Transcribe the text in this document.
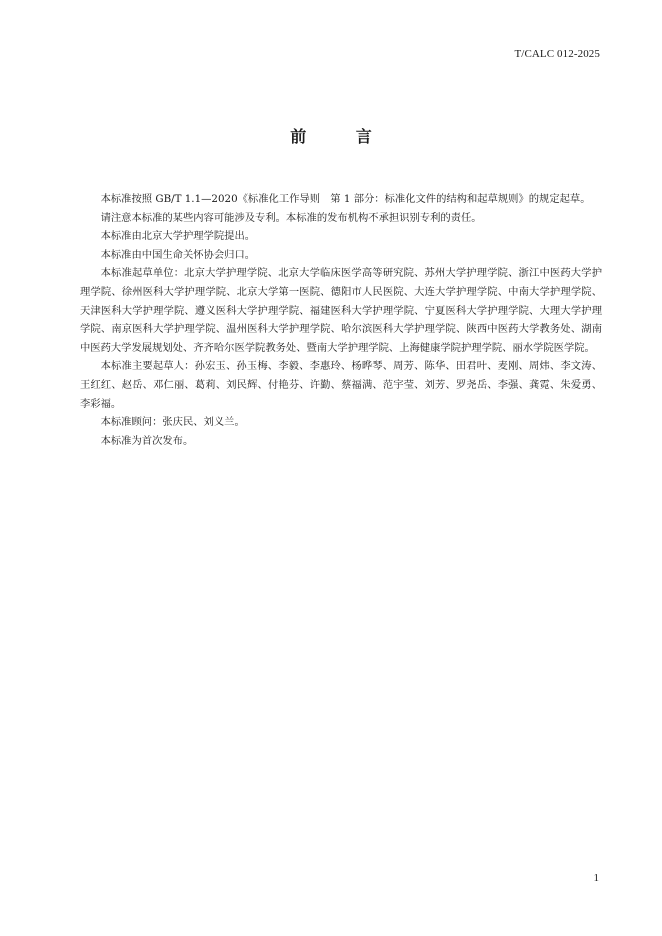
T/CALC 012-2025
前 言

本标准按照 GB/T 1.1—2020《标准化工作导则　第 1 部分：标准化文件的结构和起草规则》的规定起草。

请注意本标准的某些内容可能涉及专利。本标准的发布机构不承担识别专利的责任。

本标准由北京大学护理学院提出。

本标准由中国生命关怀协会归口。

本标准起草单位：北京大学护理学院、北京大学临床医学高等研究院、苏州大学护理学院、浙江中医药大学护理学院、徐州医科大学护理学院、北京大学第一医院、德阳市人民医院、大连大学护理学院、中南大学护理学院、天津医科大学护理学院、遵义医科大学护理学院、福建医科大学护理学院、宁夏医科大学护理学院、大理大学护理学院、南京医科大学护理学院、温州医科大学护理学院、哈尔滨医科大学护理学院、陕西中医药大学教务处、湖南中医药大学发展规划处、齐齐哈尔医学院教务处、暨南大学护理学院、上海健康学院护理学院、丽水学院医学院。

本标准主要起草人：孙宏玉、孙玉梅、李毅、李惠玲、杨晔琴、周芳、陈华、田君叶、麦刚、周炜、李文涛、王红红、赵岳、邓仁丽、葛莉、刘民辉、付艳芬、许勤、蔡福满、范宇莹、刘芳、罗尧岳、李强、龚霓、朱爱勇、李彩福。

本标准顾问：张庆民、刘义兰。

本标准为首次发布。

1
